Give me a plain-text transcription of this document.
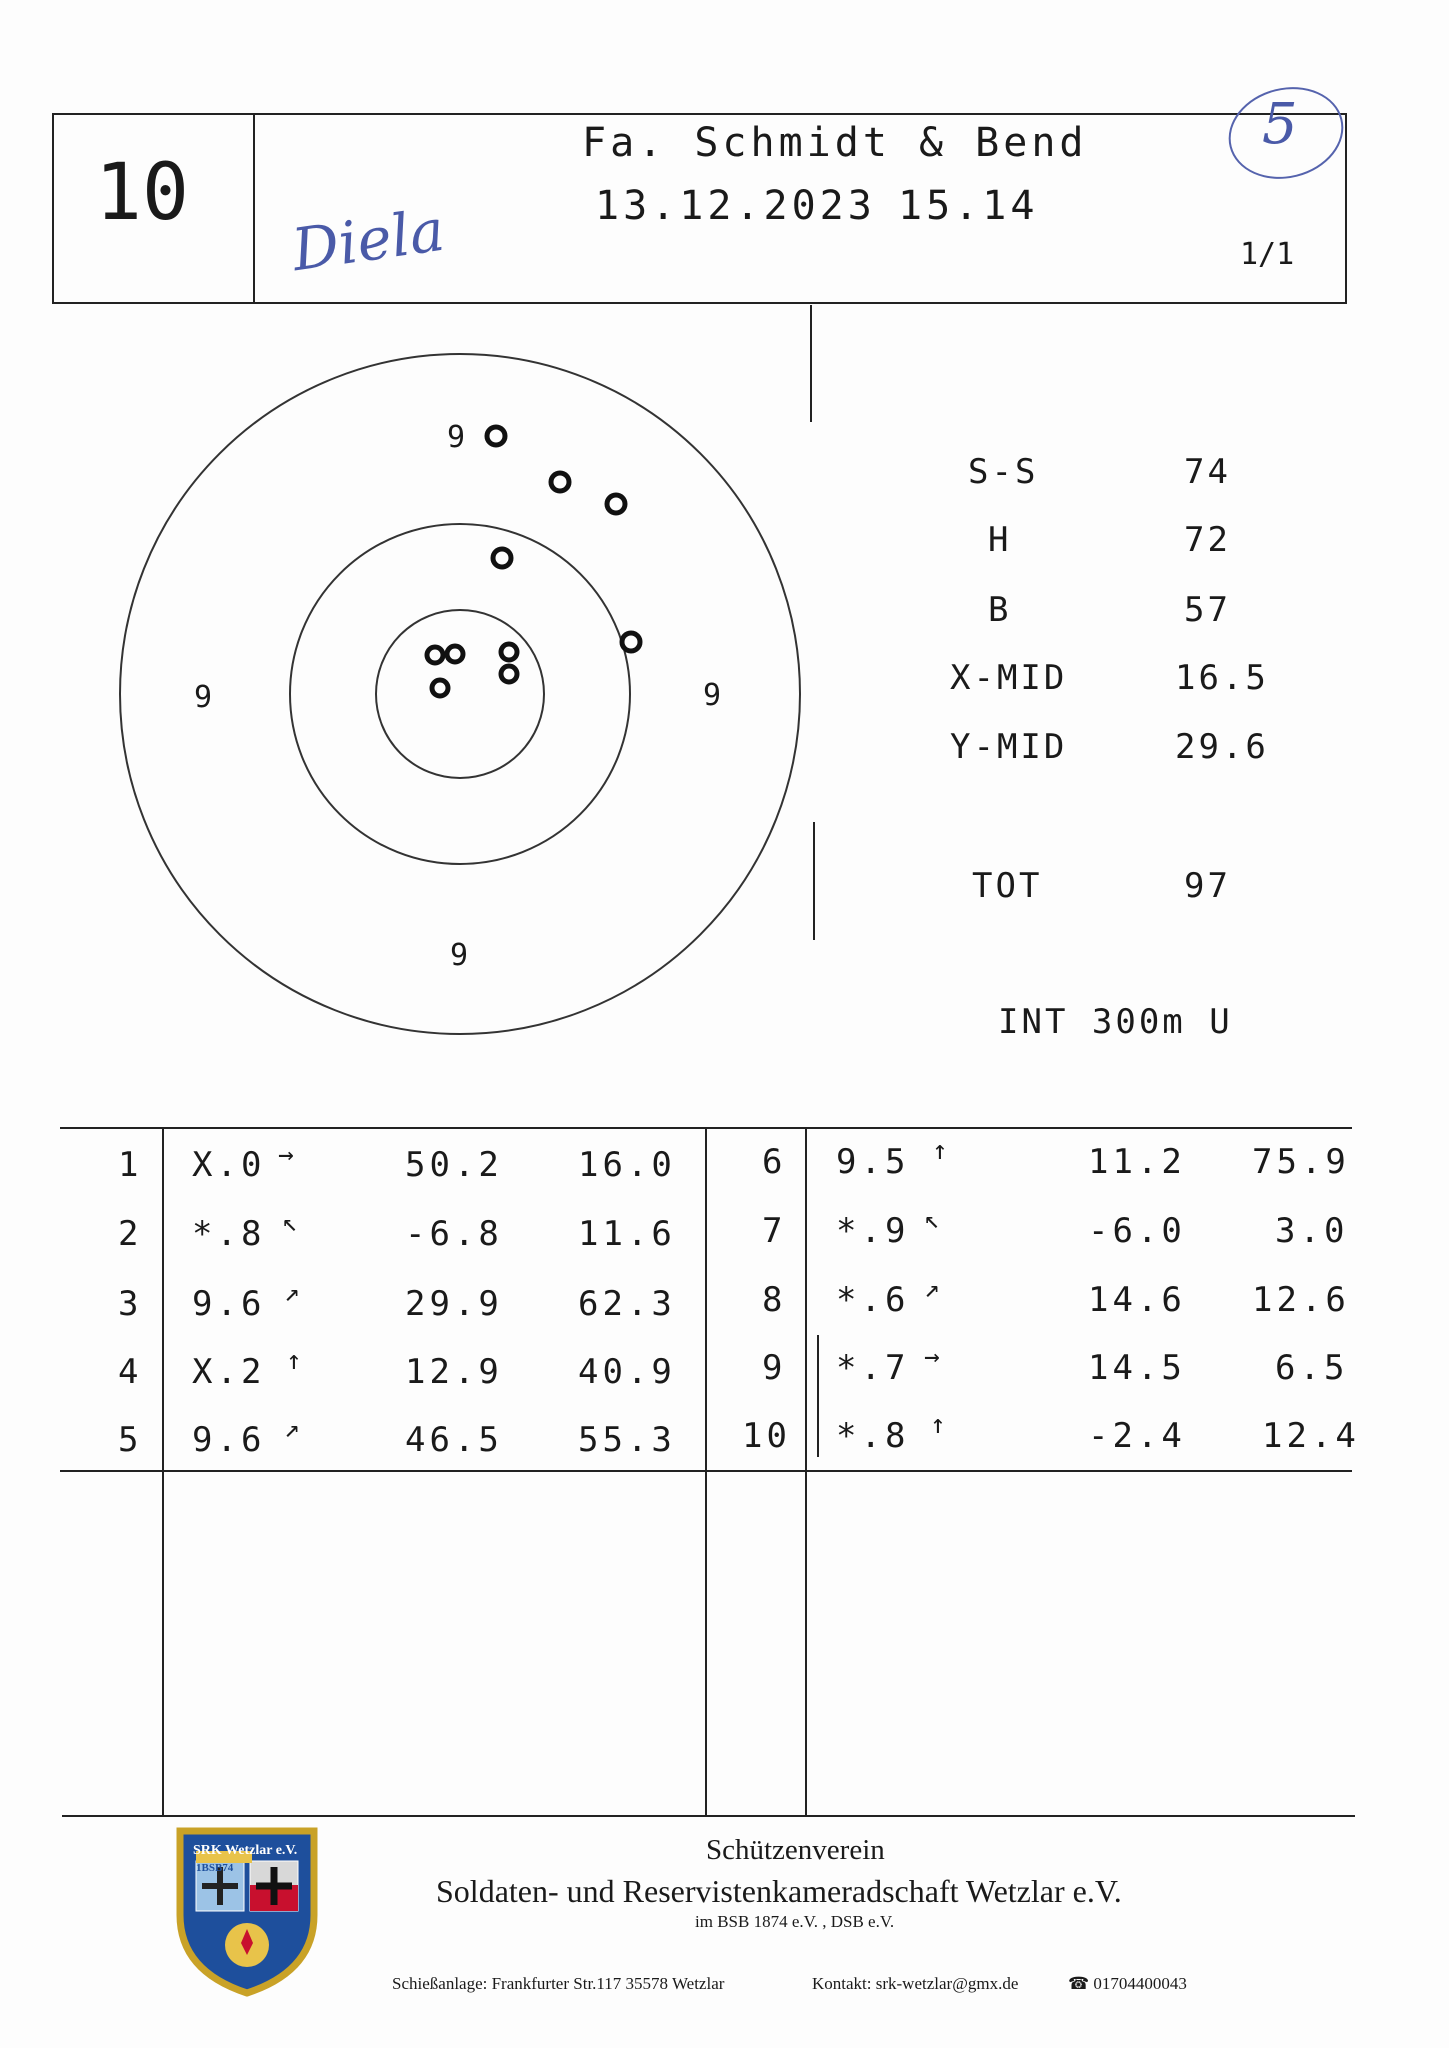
10
Fa. Schmidt & Bend
13.12.2023 15.14
1/1
Diela
5
9
9	9
9
S-S	74
H	72
B	57
X-MID	16.5
Y-MID	29.6
TOT	97
INT 300m U
1 X.0 →	50.2 16.0
2 *.8 ↖	-6.8 11.6
3 9.6 ↗	29.9 62.3
4 X.2 ↑	12.9 40.9
5 9.6 ↗	46.5 55.3
6 9.5 ↑	11.2 75.9
7 *.9 ↖	-6.0	3.0
8 *.6 ↗	14.6 12.6
9 *.7 →	14.5	6.5
10 *.8 ↑	-2.4 12.4
SRK Wetzlar e.V.
1BSB74
Schützenverein
Soldaten- und Reservistenkameradschaft Wetzlar e.V.
im BSB 1874 e.V. , DSB e.V.
Schießanlage: Frankfurter Str.117 35578 Wetzlar	Kontakt: srk-wetzlar@gmx.de	☎ 01704400043
